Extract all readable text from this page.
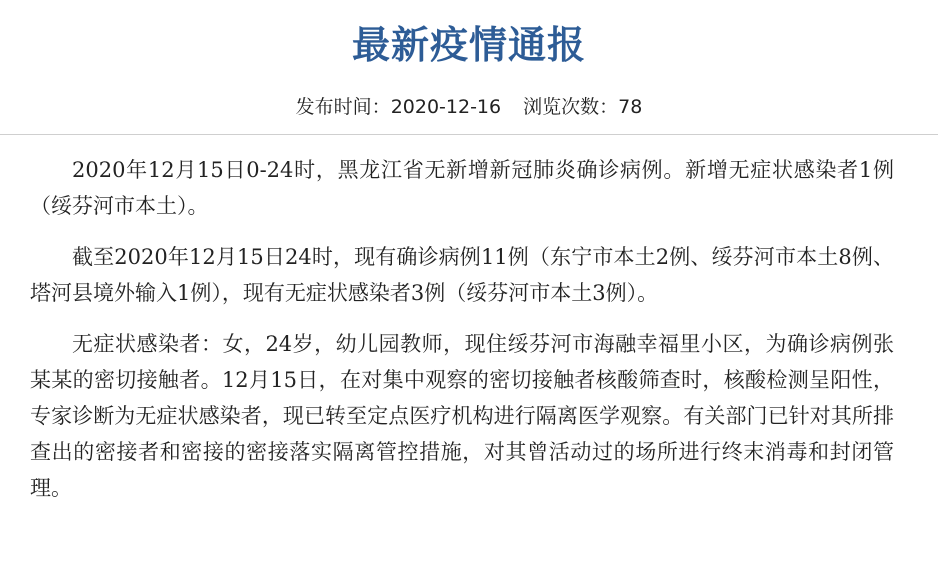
最新疫情通报
发布时间：2020-12-16 浏览次数：78

2020年12月15日0-24时，黑龙江省无新增新冠肺炎确诊病例。新增无症状感染者1例（绥芬河市本土）。

截至2020年12月15日24时，现有确诊病例11例（东宁市本土2例、绥芬河市本土8例、塔河县境外输入1例），现有无症状感染者3例（绥芬河市本土3例）。

无症状感染者：女，24岁，幼儿园教师，现住绥芬河市海融幸福里小区，为确诊病例张某某的密切接触者。12月15日，在对集中观察的密切接触者核酸筛查时，核酸检测呈阳性，专家诊断为无症状感染者，现已转至定点医疗机构进行隔离医学观察。有关部门已针对其所排查出的密接者和密接的密接落实隔离管控措施，对其曾活动过的场所进行终末消毒和封闭管理。
